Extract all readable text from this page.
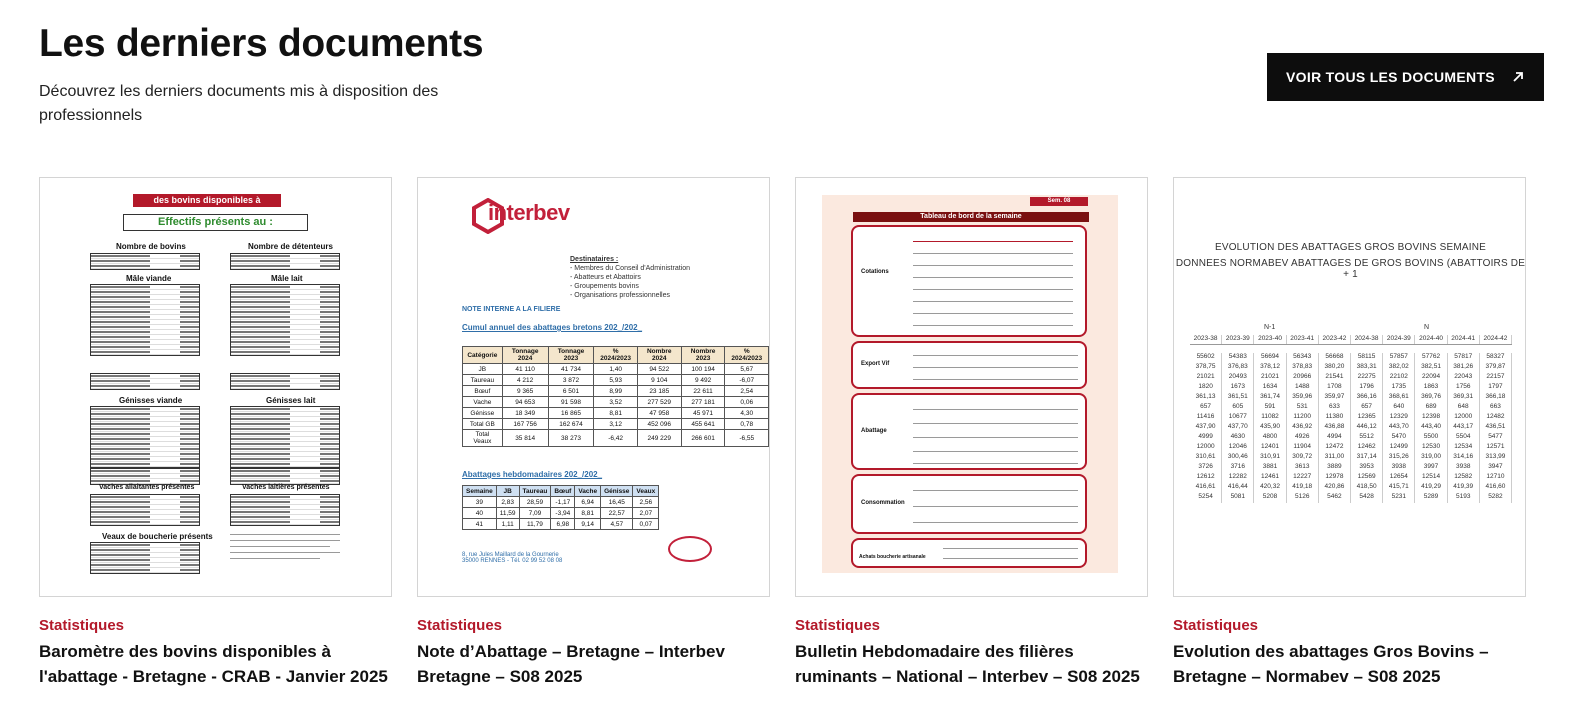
Les derniers documents

Découvrez les derniers documents mis à disposition des professionnels

VOIR TOUS LES DOCUMENTS
des bovins disponibles à l'abattage
Effectifs présents au :
Nombre de bovins	Nombre de détenteurs
Mâle viande	Mâle lait
Génisses viande	Génisses lait
Vaches allaitantes présentes	Vaches laitières présentes
Veaux de boucherie présents
Statistiques
Baromètre des bovins disponibles à l'abattage - Bretagne - CRAB - Janvier 2025
interbev
Destinataires :
- Membres du Conseil d'Administration
- Abatteurs et Abattoirs
- Groupements bovins
- Organisations professionnelles
NOTE INTERNE A LA FILIERE
Cumul annuel des abattages bretons 202_/202_
Catégorie	Tonnage 2024	Tonnage 2023	% 2024/2023	Nombre 2024	Nombre 2023	% 2024/2023
JB	41 110	41 734	1,40	94 522	100 194	5,67
Taureau	4 212	3 872	5,93	9 104	9 492	-6,07
Bœuf	9 365	6 501	8,99	23 185	22 611	2,54
Vache	94 653	91 598	3,52	277 529	277 181	0,06
Génisse	18 349	16 865	8,81	47 958	45 971	4,30
Total GB	167 756	162 674	3,12	452 096	455 641	0,78
Total Veaux	35 814	38 273	-6,42	249 229	266 601	-6,55
Abattages hebdomadaires 202_/202_
Semaine	JB	Taureau	Bœuf	Vache	Génisse	Veaux
39	2,83	28,59	-1,17	6,94	16,45	2,56
40	11,59	7,09	-3,94	8,81	22,57	2,07
41	1,11	11,79	6,98	9,14	4,57	0,07
8, rue Jules Maillard de la Gournerie
35000 RENNES - Tél. 02 99 52 08 08
Statistiques
Note d’Abattage – Bretagne – Interbev Bretagne – S08 2025
Sem. 08
Tableau de bord de la semaine
Cotations
Export Vif
Abattage
Consommation
Achats boucherie artisanale
Statistiques
Bulletin Hebdomadaire des filières ruminants – National – Interbev – S08 2025
EVOLUTION DES ABATTAGES GROS BOVINS SEMAINE
DONNEES NORMABEV ABATTAGES DE GROS BOVINS (ABATTOIRS DE + 1
N-1	N
2023-38	2023-39	2023-40	2023-41	2023-42	2024-38	2024-39	2024-40	2024-41	2024-42
55602	54383	56694	56343	56668	58115	57857	57762	57817	58327
378,75	376,83	378,12	378,83	380,20	383,31	382,02	382,51	381,26	379,87
21021	20493	21021	20966	21541	22275	22102	22094	22043	22157
1820	1673	1634	1488	1708	1796	1735	1863	1756	1797
361,13	361,51	361,74	359,96	359,97	366,16	368,61	369,76	369,31	366,18
657	605	591	531	633	657	640	689	648	663
11416	10677	11082	11200	11380	12365	12329	12398	12000	12482
437,90	437,70	435,90	436,92	436,88	446,12	443,70	443,40	443,17	436,51
4999	4630	4800	4926	4994	5512	5470	5500	5504	5477
12000	12046	12401	11904	12472	12462	12499	12530	12534	12571
310,61	300,46	310,91	309,72	311,00	317,14	315,26	319,00	314,16	313,99
3726	3716	3881	3613	3889	3953	3938	3997	3938	3947
12612	12282	12461	12227	12978	12569	12654	12514	12582	12710
416,61	416,44	420,32	419,18	420,86	418,50	415,71	419,29	419,39	416,60
5254	5081	5208	5126	5462	5428	5231	5289	5193	5282
Statistiques
Evolution des abattages Gros Bovins – Bretagne – Normabev – S08 2025
